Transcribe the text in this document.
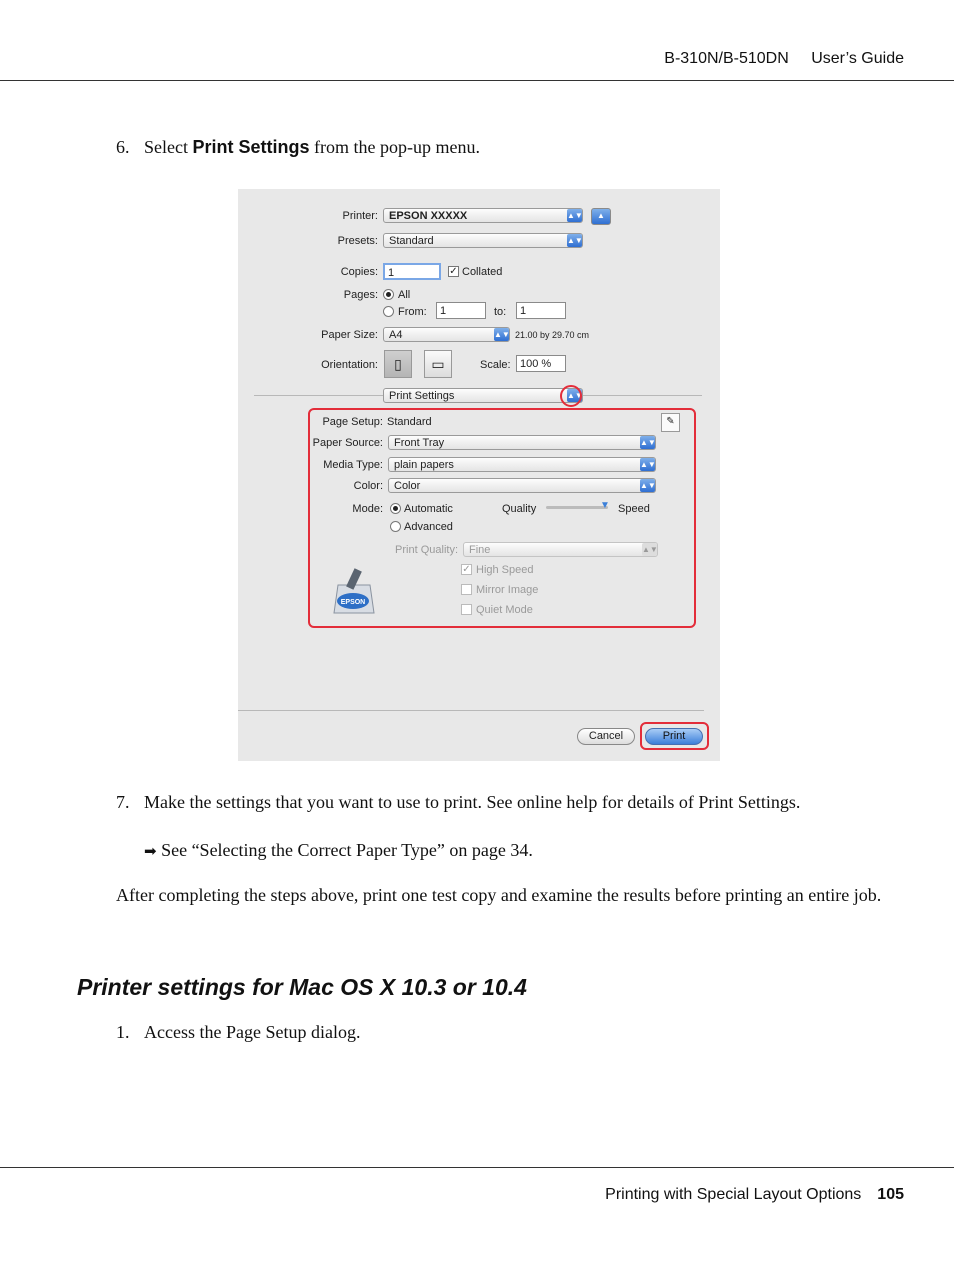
B-310N/B-510DN User’s Guide
6. Select Print Settings from the pop-up menu.
Printer:	EPSON XXXXX	▲▼	▲
Presets:	Standard	▲▼
Copies: 1	✓ Collated
Pages: All
From:	1	to:	1
Paper Size:	A4	▲▼ 21.00 by 29.70 cm
Orientation:	▯	▭	Scale: 100 %
Print Settings	▲▼
Page Setup: Standard	✎
Paper Source:	Front Tray	▲▼
Media Type:	plain papers	▲▼
Color:	Color	▲▼
Mode: Automatic
Advanced
Quality	▼ Speed
Print Quality:	Fine	▲▼
✓ High Speed
Mirror Image
Quiet Mode
EPSON
Cancel	Print
7. Make the settings that you want to use to print. See online help for details of Print Settings.
➡ See “Selecting the Correct Paper Type” on page 34.
After completing the steps above, print one test copy and examine the results before printing an entire job.
Printer settings for Mac OS X 10.3 or 10.4
1. Access the Page Setup dialog.
Printing with Special Layout Options 105
